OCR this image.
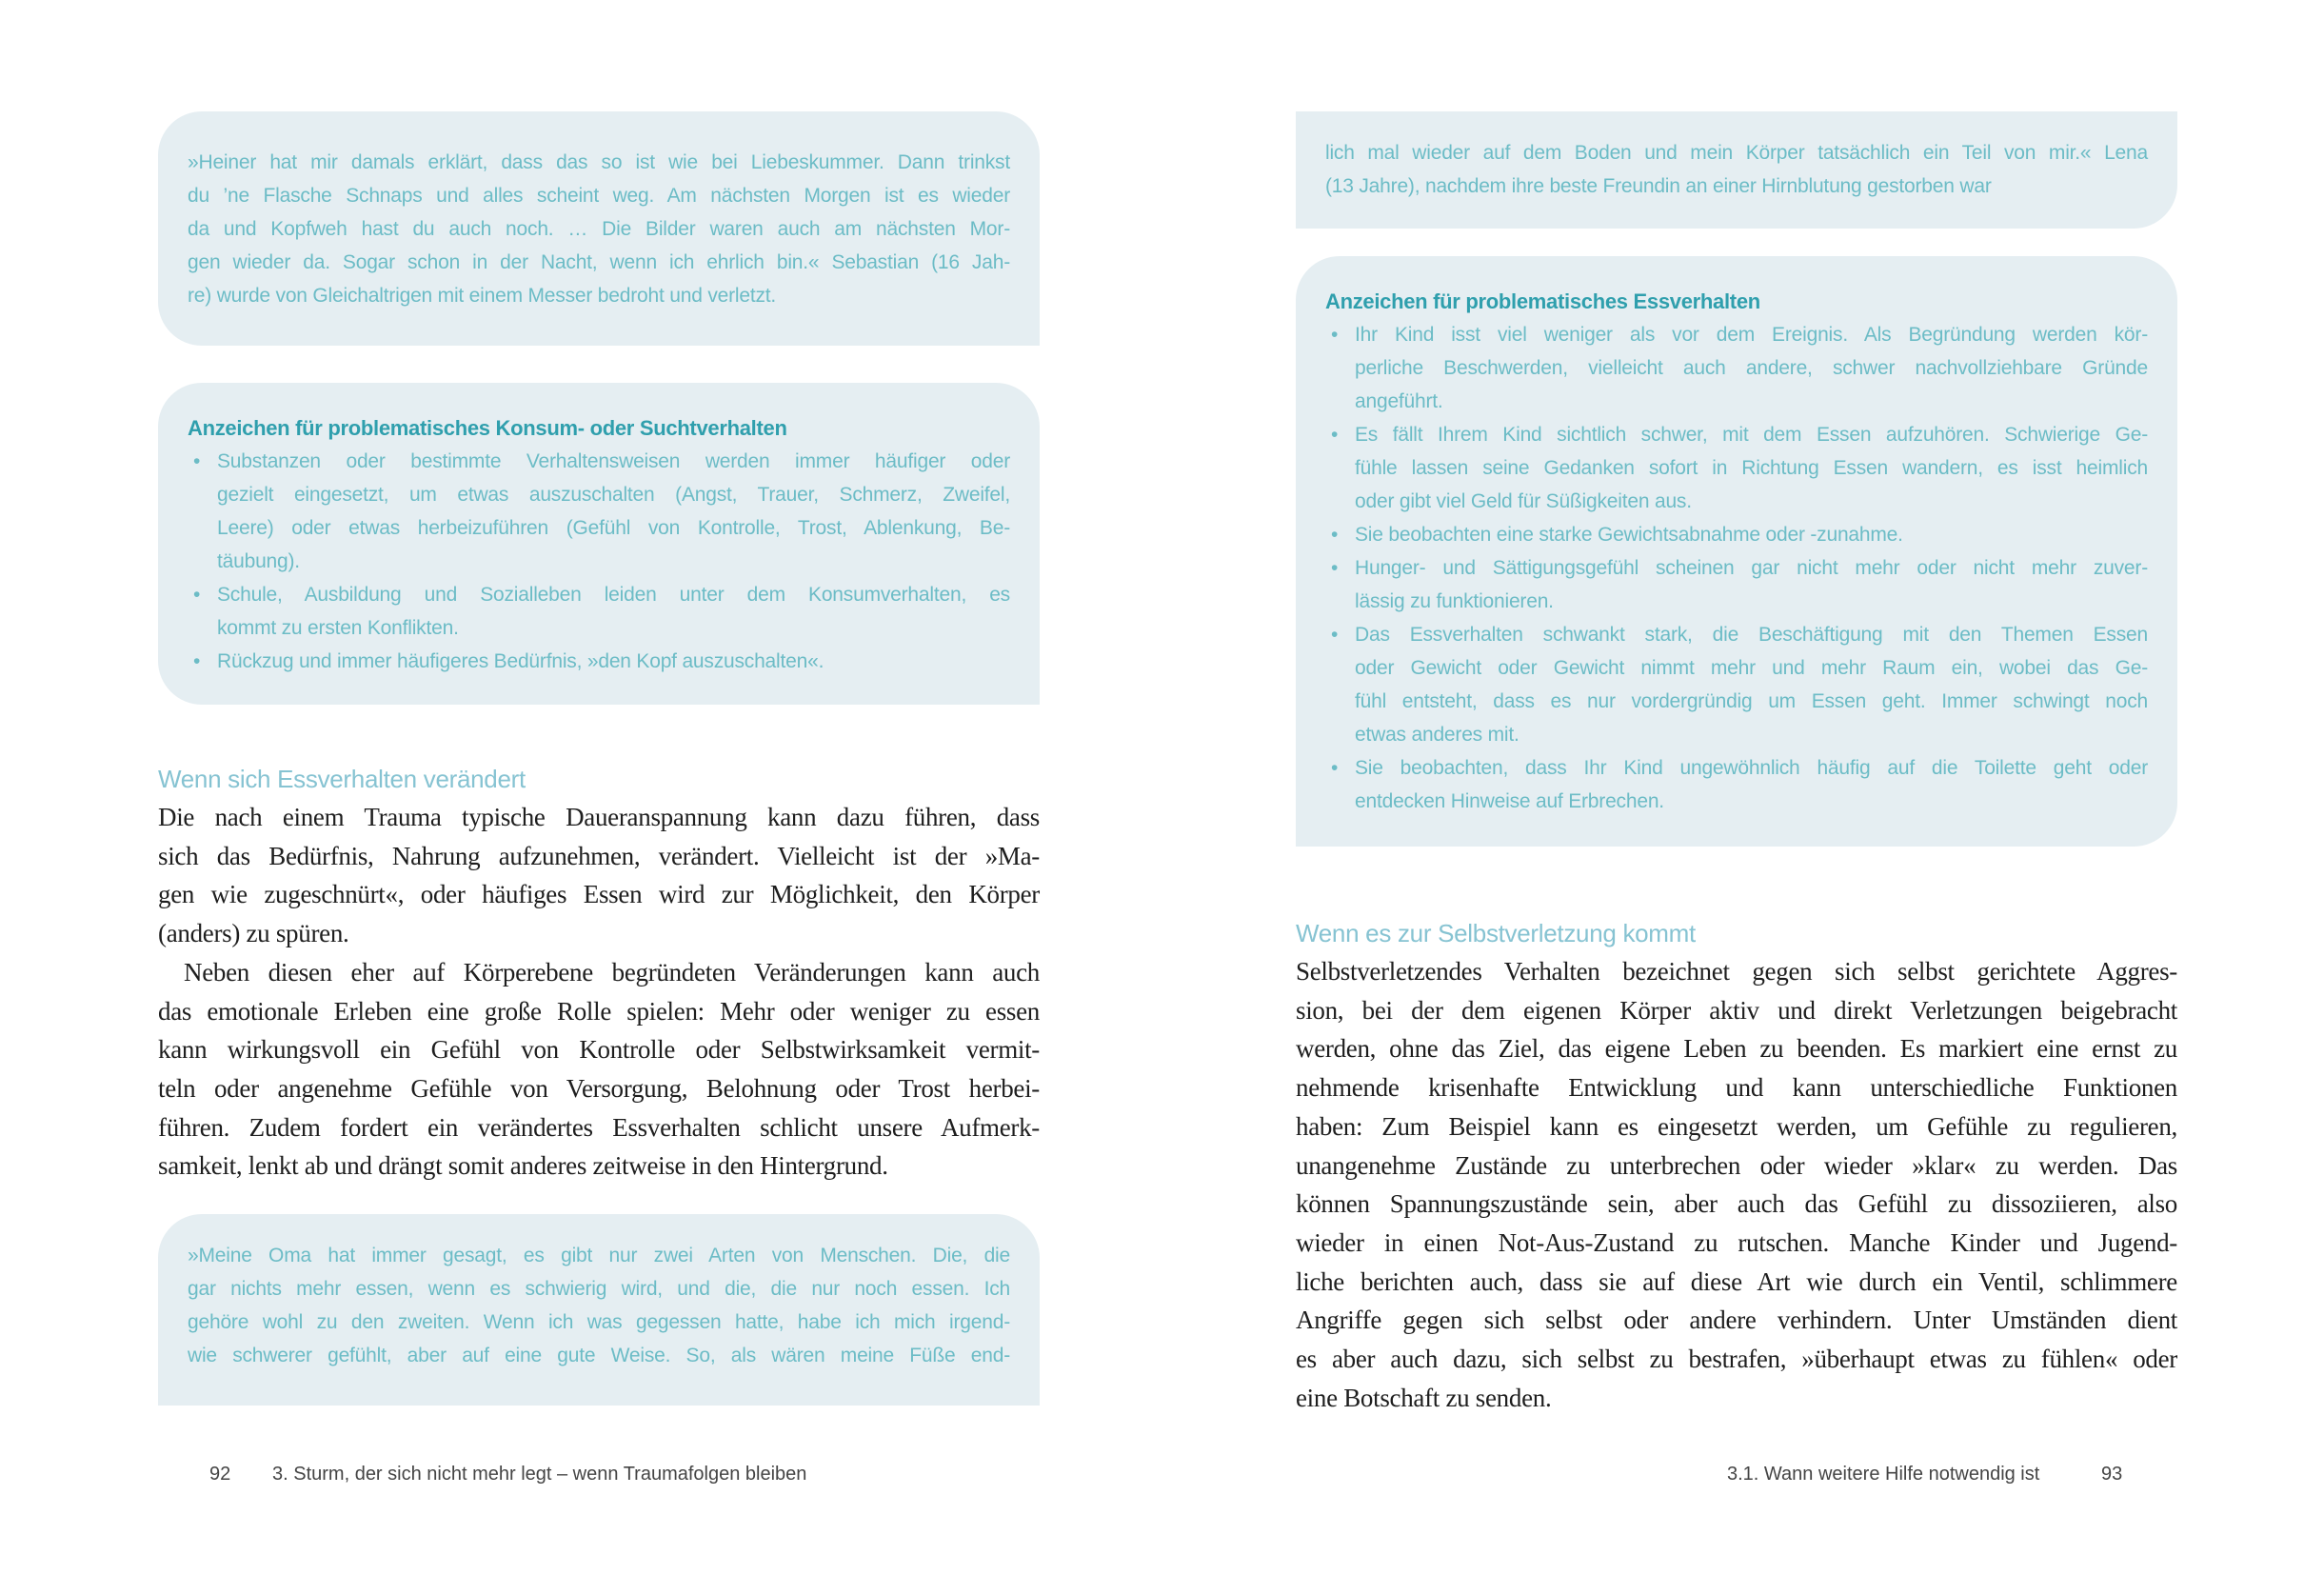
»Heiner hat mir damals erklärt, dass das so ist wie bei Liebeskummer. Dann trinkst
du ’ne Flasche Schnaps und alles scheint weg. Am nächsten Morgen ist es wieder
da und Kopfweh hast du auch noch. … Die Bilder waren auch am nächsten Mor-
gen wieder da. Sogar schon in der Nacht, wenn ich ehrlich bin.« Sebastian (16 Jah-
re) wurde von Gleichaltrigen mit einem Messer bedroht und verletzt.
Anzeichen für problematisches Konsum- oder Suchtverhalten
• Substanzen oder bestimmte Verhaltensweisen werden immer häufiger oder
gezielt eingesetzt, um etwas auszuschalten (Angst, Trauer, Schmerz, Zweifel,
Leere) oder etwas herbeizuführen (Gefühl von Kontrolle, Trost, Ablenkung, Be-
täubung).
• Schule, Ausbildung und Sozialleben leiden unter dem Konsumverhalten, es
kommt zu ersten Konflikten.
• Rückzug und immer häufigeres Bedürfnis, »den Kopf auszuschalten«.
Wenn sich Essverhalten verändert
Die nach einem Trauma typische Daueranspannung kann dazu führen, dass
sich das Bedürfnis, Nahrung aufzunehmen, verändert. Vielleicht ist der »Ma-
gen wie zugeschnürt«, oder häufiges Essen wird zur Möglichkeit, den Körper
(anders) zu spüren.
Neben diesen eher auf Körperebene begründeten Veränderungen kann auch
das emotionale Erleben eine große Rolle spielen: Mehr oder weniger zu essen
kann wirkungsvoll ein Gefühl von Kontrolle oder Selbstwirksamkeit vermit-
teln oder angenehme Gefühle von Versorgung, Belohnung oder Trost herbei-
führen. Zudem fordert ein verändertes Essverhalten schlicht unsere Aufmerk-
samkeit, lenkt ab und drängt somit anderes zeitweise in den Hintergrund.
»Meine Oma hat immer gesagt, es gibt nur zwei Arten von Menschen. Die, die
gar nichts mehr essen, wenn es schwierig wird, und die, die nur noch essen. Ich
gehöre wohl zu den zweiten. Wenn ich was gegessen hatte, habe ich mich irgend-
wie schwerer gefühlt, aber auf eine gute Weise. So, als wären meine Füße end-
92 3. Sturm, der sich nicht mehr legt – wenn Traumafolgen bleiben
lich mal wieder auf dem Boden und mein Körper tatsächlich ein Teil von mir.« Lena
(13 Jahre), nachdem ihre beste Freundin an einer Hirnblutung gestorben war
Anzeichen für problematisches Essverhalten
• Ihr Kind isst viel weniger als vor dem Ereignis. Als Begründung werden kör-
perliche Beschwerden, vielleicht auch andere, schwer nachvollziehbare Gründe
angeführt.
• Es fällt Ihrem Kind sichtlich schwer, mit dem Essen aufzuhören. Schwierige Ge-
fühle lassen seine Gedanken sofort in Richtung Essen wandern, es isst heimlich
oder gibt viel Geld für Süßigkeiten aus.
• Sie beobachten eine starke Gewichtsabnahme oder -zunahme.
• Hunger- und Sättigungsgefühl scheinen gar nicht mehr oder nicht mehr zuver-
lässig zu funktionieren.
• Das Essverhalten schwankt stark, die Beschäftigung mit den Themen Essen
oder Gewicht oder Gewicht nimmt mehr und mehr Raum ein, wobei das Ge-
fühl entsteht, dass es nur vordergründig um Essen geht. Immer schwingt noch
etwas anderes mit.
• Sie beobachten, dass Ihr Kind ungewöhnlich häufig auf die Toilette geht oder
entdecken Hinweise auf Erbrechen.
Wenn es zur Selbstverletzung kommt
Selbstverletzendes Verhalten bezeichnet gegen sich selbst gerichtete Aggres-
sion, bei der dem eigenen Körper aktiv und direkt Verletzungen beigebracht
werden, ohne das Ziel, das eigene Leben zu beenden. Es markiert eine ernst zu
nehmende krisenhafte Entwicklung und kann unterschiedliche Funktionen
haben: Zum Beispiel kann es eingesetzt werden, um Gefühle zu regulieren,
unangenehme Zustände zu unterbrechen oder wieder »klar« zu werden. Das
können Spannungszustände sein, aber auch das Gefühl zu dissoziieren, also
wieder in einen Not-Aus-Zustand zu rutschen. Manche Kinder und Jugend-
liche berichten auch, dass sie auf diese Art wie durch ein Ventil, schlimmere
Angriffe gegen sich selbst oder andere verhindern. Unter Umständen dient
es aber auch dazu, sich selbst zu bestrafen, »überhaupt etwas zu fühlen« oder
eine Botschaft zu senden.
3.1. Wann weitere Hilfe notwendig ist	93
